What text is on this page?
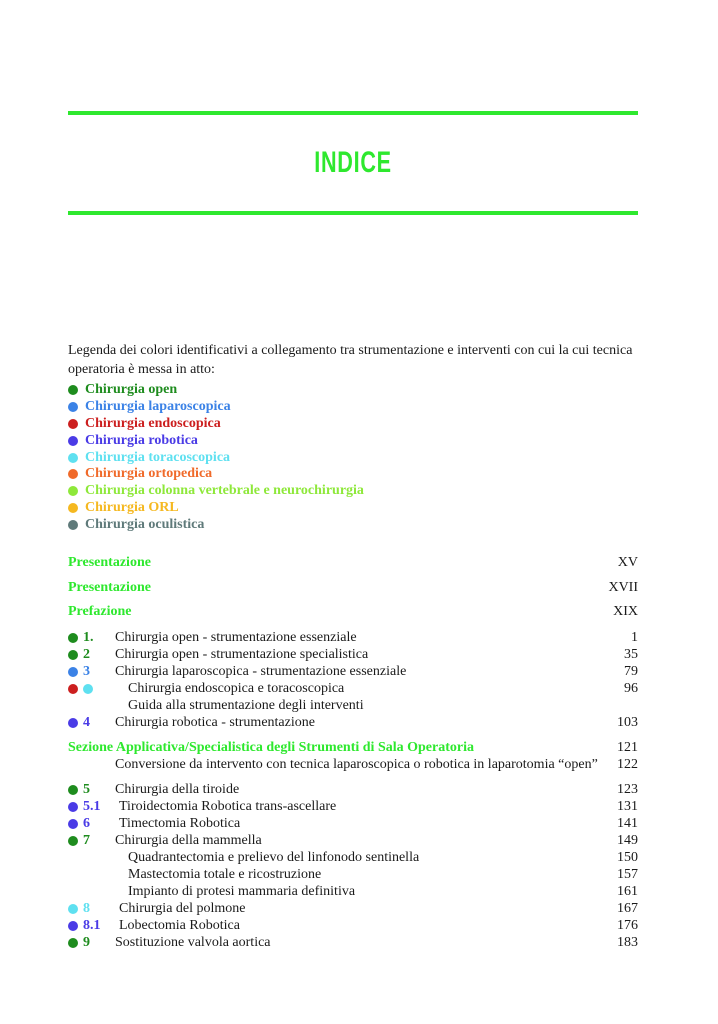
INDICE
Legenda dei colori identificativi a collegamento tra strumentazione e interventi con cui la cui tecnica operatoria è messa in atto:
Chirurgia open
Chirurgia laparoscopica
Chirurgia endoscopica
Chirurgia robotica
Chirurgia toracoscopica
Chirurgia ortopedica
Chirurgia colonna vertebrale e neurochirurgia
Chirurgia ORL
Chirurgia oculistica
Presentazione	XV
Presentazione	XVII
Prefazione	XIX
1. Chirurgia open - strumentazione essenziale	1
2 Chirurgia open - strumentazione specialistica	35
3 Chirurgia laparoscopica - strumentazione essenziale	79
Chirurgia endoscopica e toracoscopica	96
Guida alla strumentazione degli interventi
4 Chirurgia robotica - strumentazione	103
Sezione Applicativa/Specialistica degli Strumenti di Sala Operatoria	121
Conversione da intervento con tecnica laparoscopica o robotica in laparotomia “open” 122
5 Chirurgia della tiroide	123
5.1 Tiroidectomia Robotica trans-ascellare	131
6 Timectomia Robotica	141
7 Chirurgia della mammella	149
Quadrantectomia e prelievo del linfonodo sentinella	150
Mastectomia totale e ricostruzione	157
Impianto di protesi mammaria definitiva	161
8 Chirurgia del polmone	167
8.1 Lobectomia Robotica	176
9 Sostituzione valvola aortica	183
